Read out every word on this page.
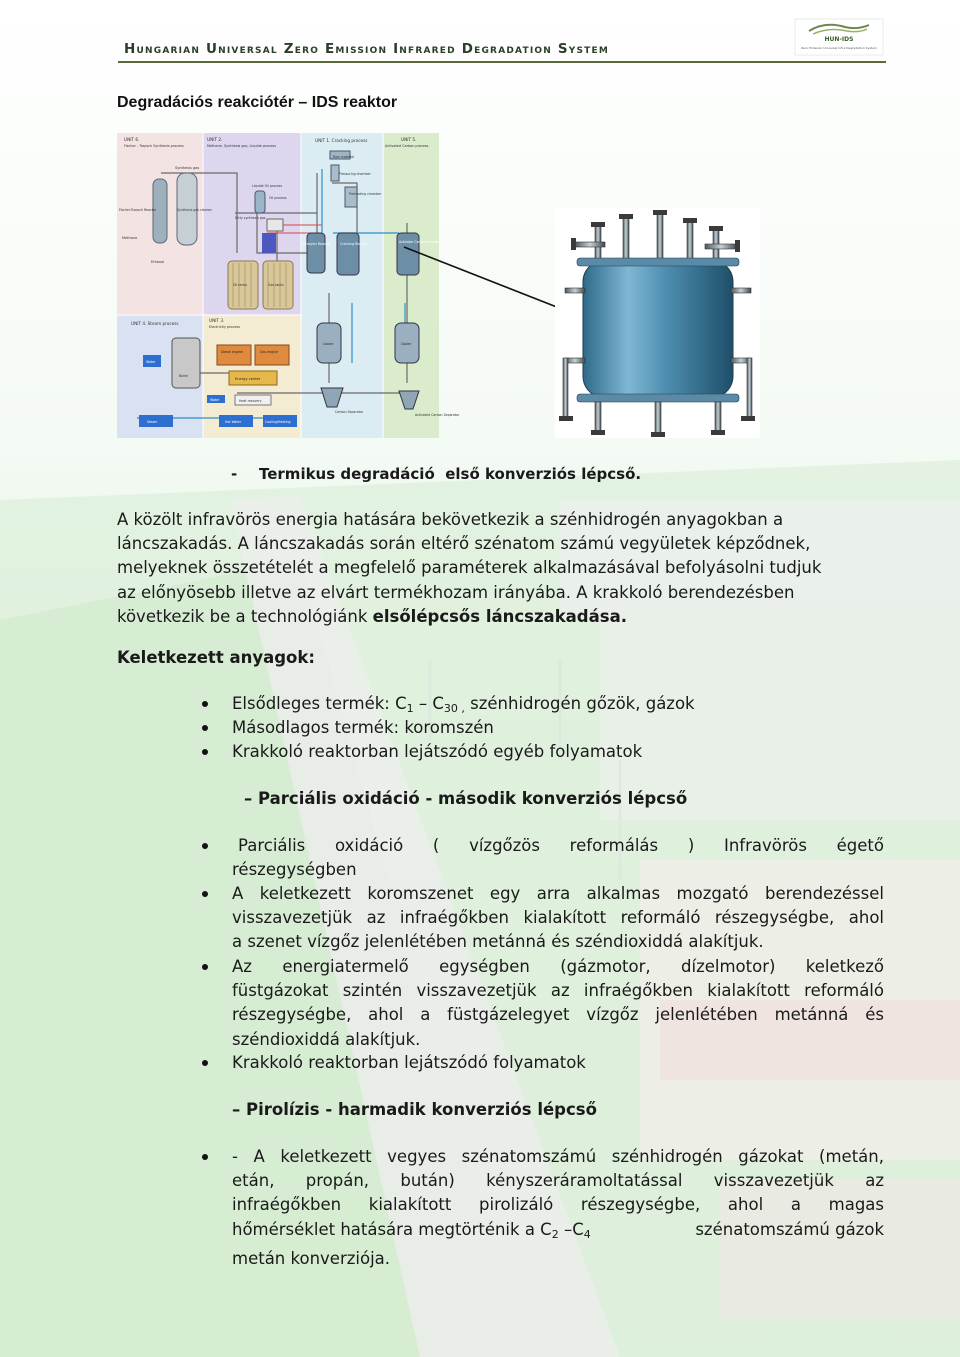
Hungarian Universal Zero Emission Infrared Degradation System
HUN-IDS
Zero Emission Universal Infra Degradation System
Degradációs reakciótér – IDS reaktor
UNIT 6.
Fischer - Tropsch Synthesis process
UNIT 2.
Methane, Synthesis gas, Liquide process
UNIT 1. Cracking process	UNIT 5.
Activated Carbon process
UNIT 4. Steam process
UNIT 3.
Electricity process
Synthesis gas
Fischer-Tropsch Reactor	Synthesis gas cleaner
Methane
Ethanol
Liquide Oil process
Oil process
Dirty synthesis gas
Oil tanks	Gas tanks
Raw material
Pressuring chamber
Preheating chamber
Pyrolysis Reactor	Cracking Reactor	Activator Carbon Reactor
Cooler	Cooler
Carbon Separator
Activated Carbon Separator
Water
Boiler
Steam
Diesel engine	Gas engine
Energy center
Water	Heat recovery
Hot Water	Cooling/Heating
- Termikus degradáció  első konverziós lépcső.
A közölt infravörös energia hatására bekövetkezik a szénhidrogén anyagokban a
láncszakadás. A láncszakadás során eltérő szénatom számú vegyületek képződnek,
melyeknek összetételét a megfelelő paraméterek alkalmazásával befolyásolni tudjuk
az előnyösebb illetve az elvárt termékhozam irányába. A krakkoló berendezésben
következik be a technológiánk elsőlépcsős láncszakadása.
Keletkezett anyagok:
Elsődleges termék: $C_1 - C_{30 ,}$ szénhidrogén gőzök, gázok
Másodlagos termék: koromszén
Krakkoló reaktorban lejátszódó egyéb folyamatok
– Parciális oxidáció - második konverziós lépcső
Parciális oxidáció ( vízgőzös reformálás ) Infravörös égető
részegységben
A keletkezett koromszenet egy arra alkalmas mozgató berendezéssel
visszavezetjük az infraégőkben kialakított reformáló részegységbe, ahol
a szenet vízgőz jelenlétében metánná és széndioxiddá alakítjuk.
Az energiatermelő egységben (gázmotor, dízelmotor) keletkező
füstgázokat szintén visszavezetjük az infraégőkben kialakított reformáló
részegységbe, ahol a füstgázelegyet vízgőz jelenlétében metánná és
széndioxiddá alakítjuk.
Krakkoló reaktorban lejátszódó folyamatok
– Pirolízis - harmadik konverziós lépcső
- A keletkezett vegyes szénatomszámú szénhidrogén gázokat (metán,
etán, propán, bután) kényszeráramoltatással visszavezetjük az
infraégőkben kialakított pirolizáló részegységbe, ahol a magas
hőmérséklet hatására megtörténik a $C_2$ $-C_4$	szénatomszámú gázok
metán konverziója.
